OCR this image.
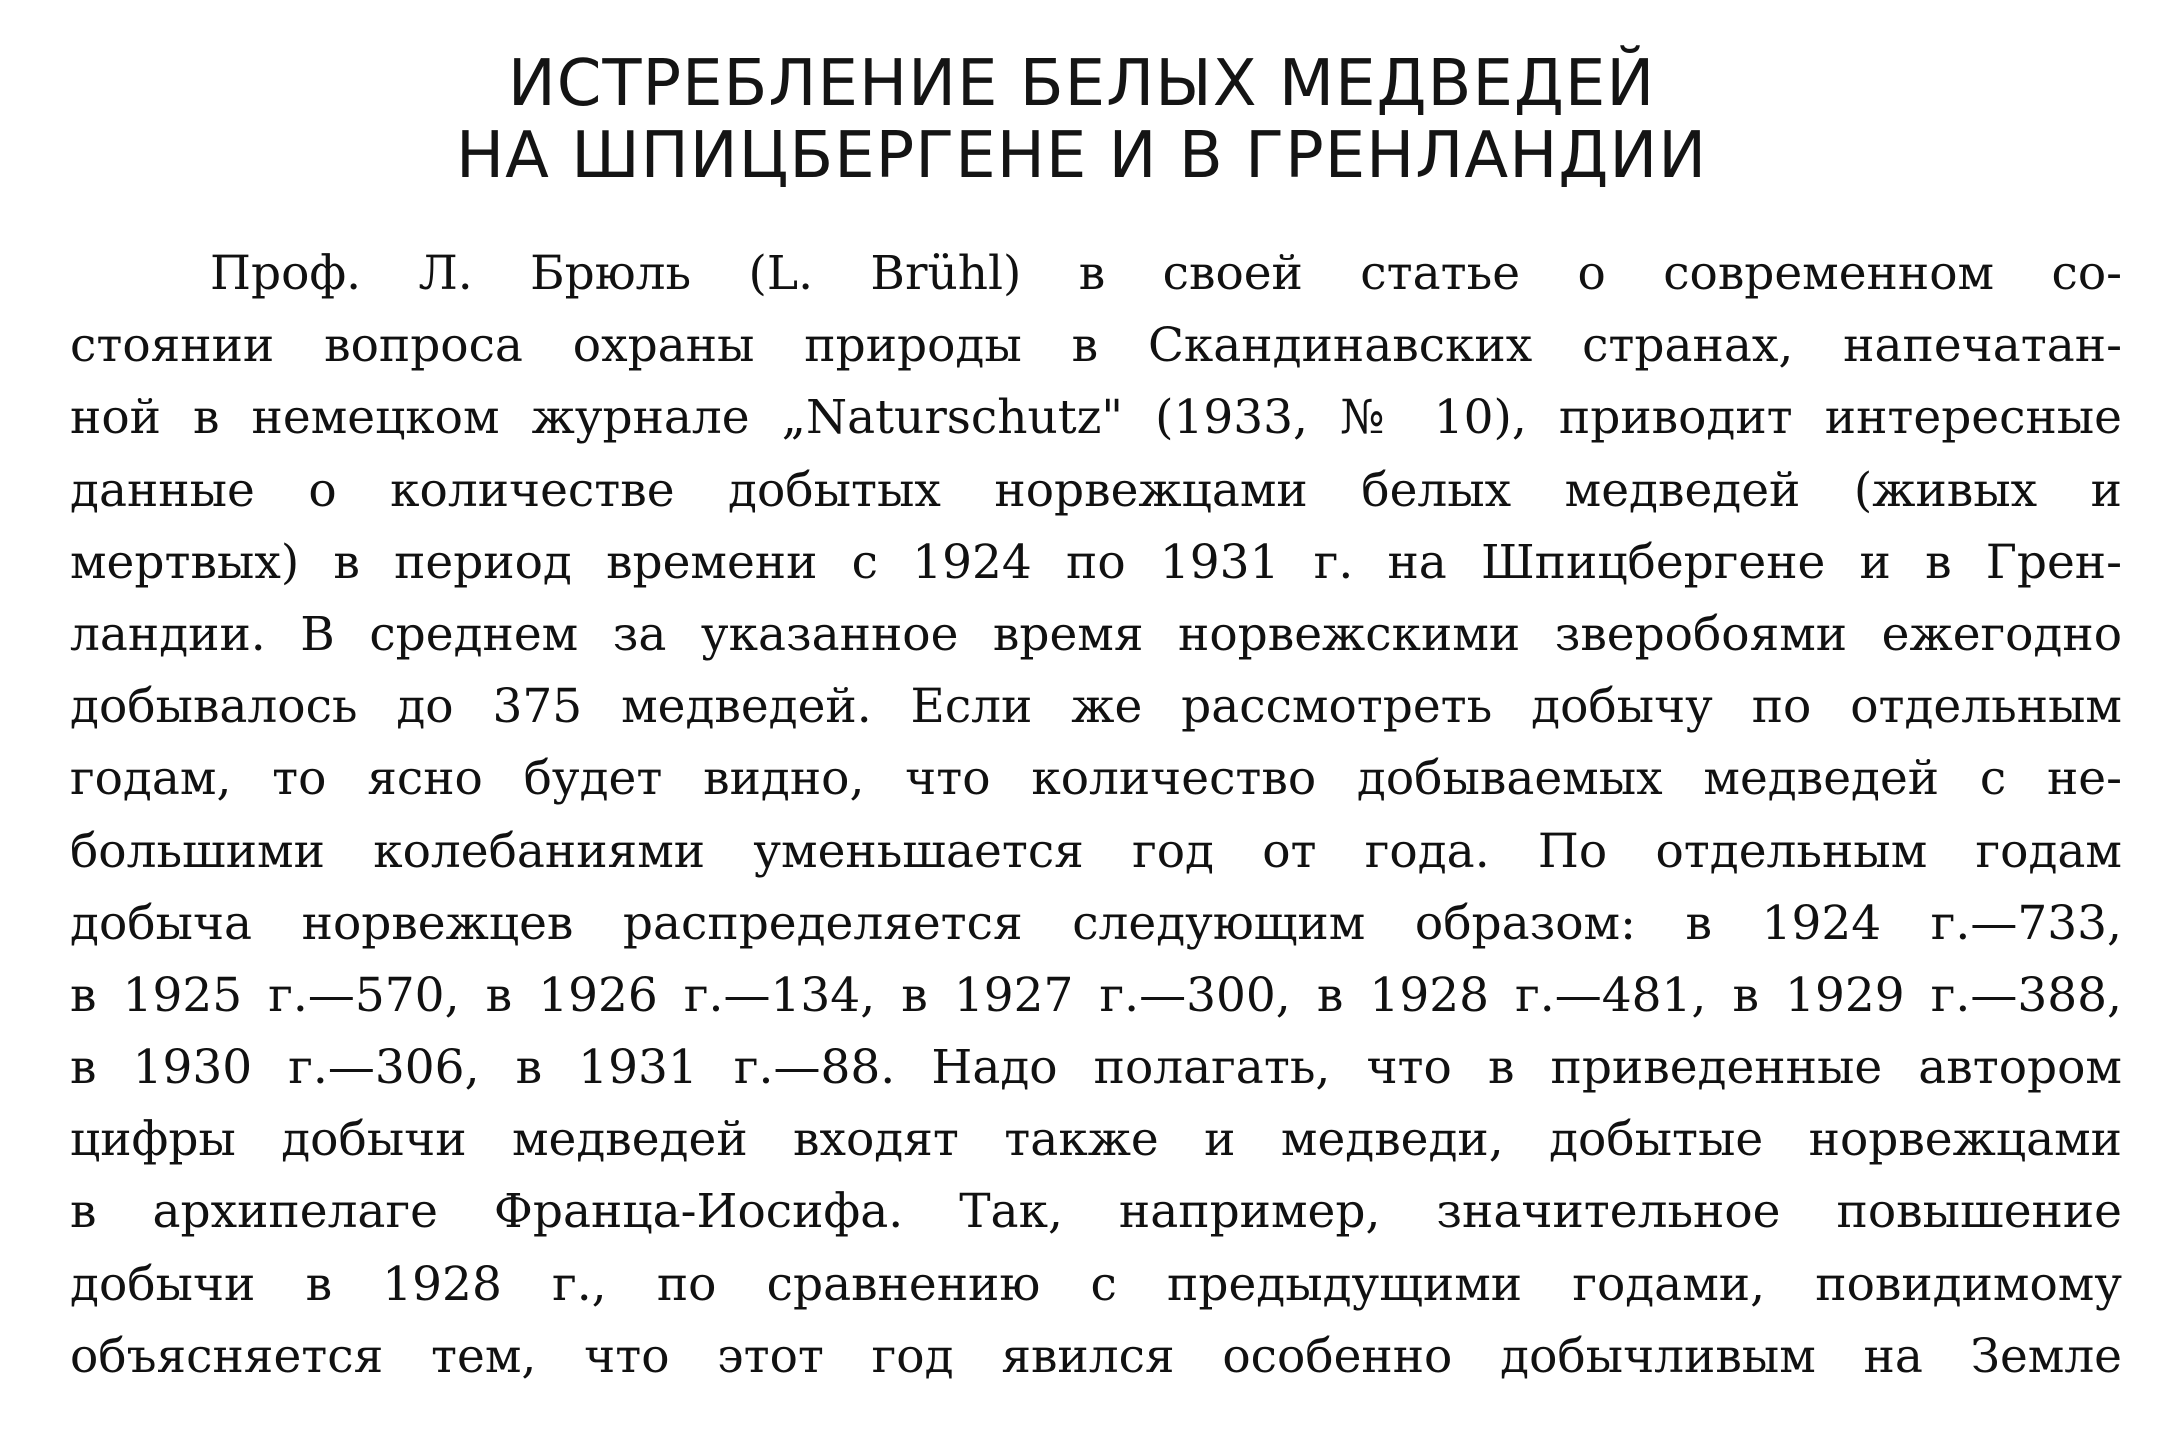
ИСТРЕБЛЕНИЕ БЕЛЫХ МЕДВЕДЕЙ
НА ШПИЦБЕРГЕНЕ И В ГРЕНЛАНДИИ
Проф. Л. Брюль (L. Brühl) в своей статье о современном со-
стоянии вопроса охраны природы в Скандинавских странах, напечатан-
ной в немецком журнале „Naturschutz" (1933, № 10), приводит интересные
данные о количестве добытых норвежцами белых медведей (живых и
мертвых) в период времени с 1924 по 1931 г. на Шпицбергене и в Грен-
ландии. В среднем за указанное время норвежскими зверобоями ежегодно
добывалось до 375 медведей. Если же рассмотреть добычу по отдельным
годам, то ясно будет видно, что количество добываемых медведей с не-
большими колебаниями уменьшается год от года. По отдельным годам
добыча норвежцев распределяется следующим образом: в 1924 г.—733,
в 1925 г.—570, в 1926 г.—134, в 1927 г.—300, в 1928 г.—481, в 1929 г.—388,
в 1930 г.—306, в 1931 г.—88. Надо полагать, что в приведенные автором
цифры добычи медведей входят также и медведи, добытые норвежцами
в архипелаге Франца-Иосифа. Так, например, значительное повышение
добычи в 1928 г., по сравнению с предыдущими годами, повидимому
объясняется тем, что этот год явился особенно добычливым на Земле
